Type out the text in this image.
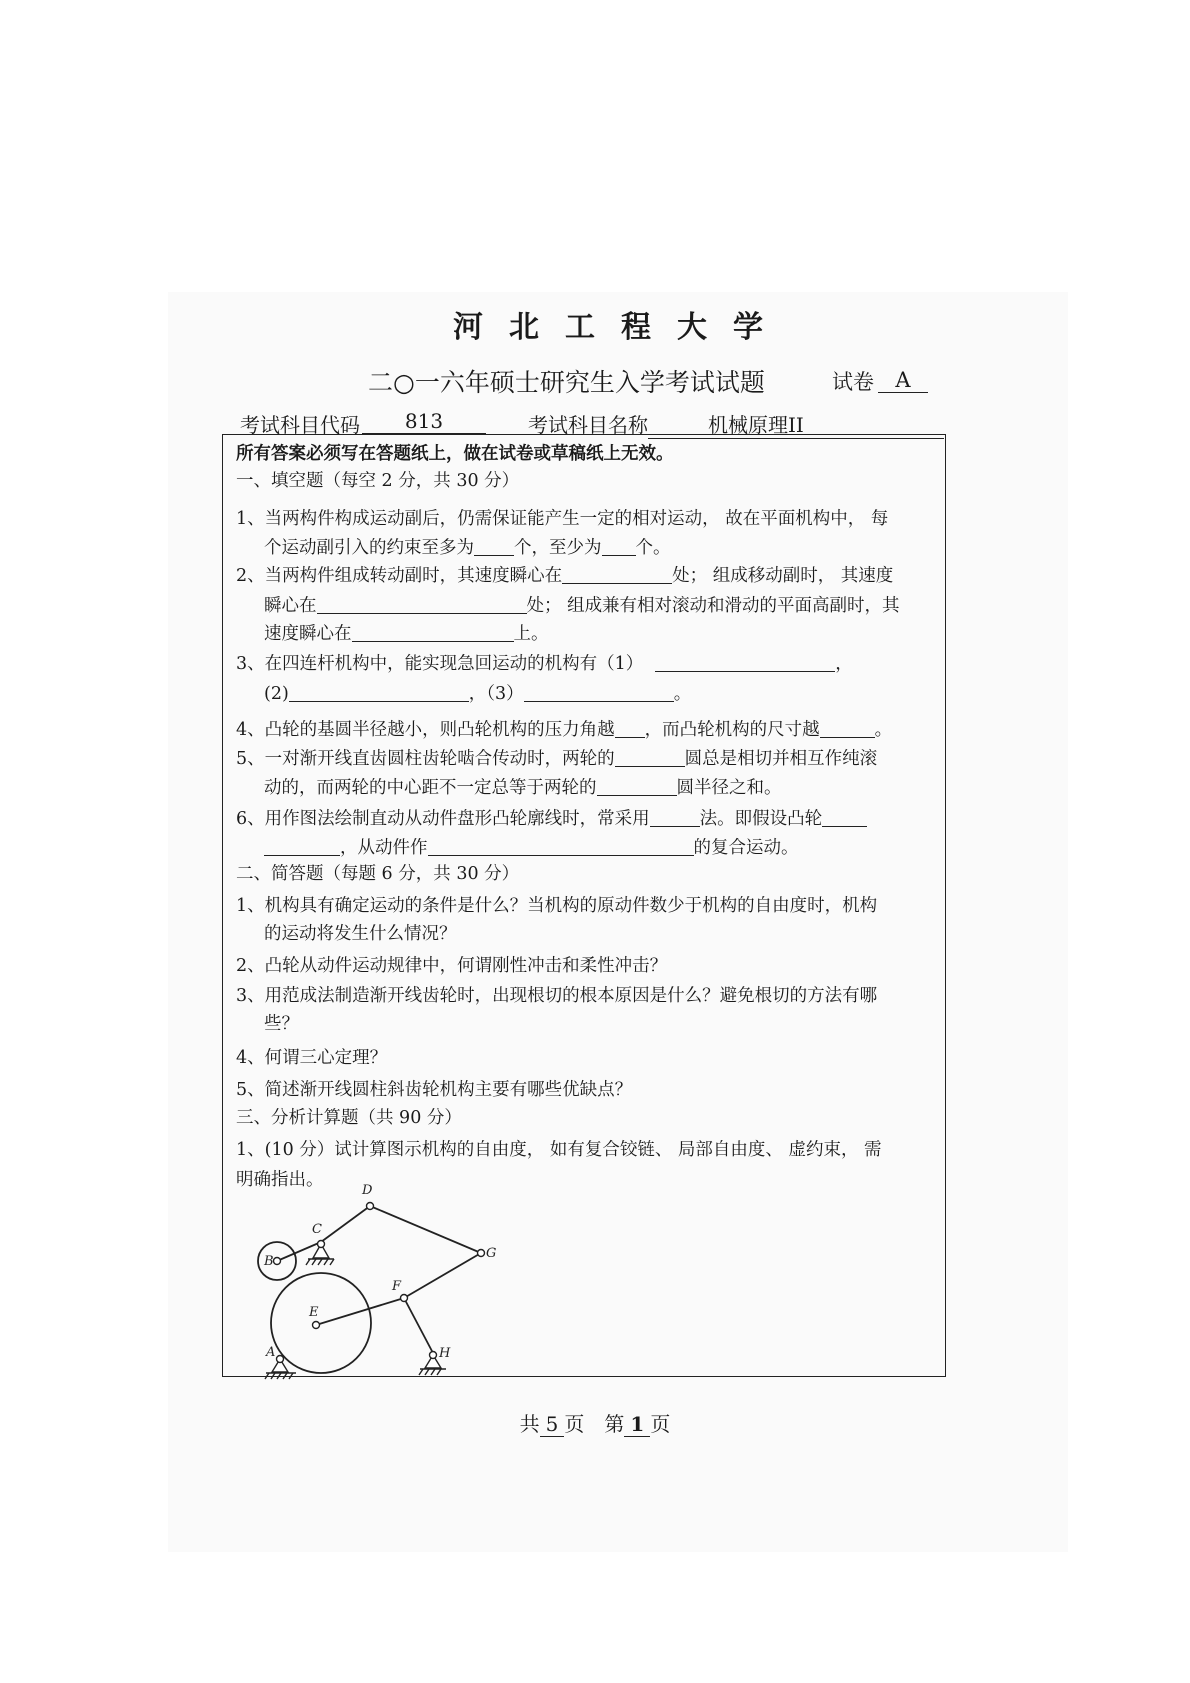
河北工程大学
二○一六年硕士研究生入学考试试题	试卷	A
考试科目代码	813	考试科目名称	机械原理II
所有答案必须写在答题纸上，做在试卷或草稿纸上无效。
一、填空题（每空 2 分，共 30 分）
1、当两构件构成运动副后，仍需保证能产生一定的相对运动， 故在平面机构中， 每
个运动副引入的约束至多为 个，至少为 个。
2、当两构件组成转动副时，其速度瞬心在	处； 组成移动副时， 其速度
瞬心在	处； 组成兼有相对滚动和滑动的平面高副时，其
速度瞬心在	上。
3、在四连杆机构中，能实现急回运动的机构有（1）	，
(2)	，（3）	。
4、凸轮的基圆半径越小，则凸轮机构的压力角越 ，而凸轮机构的尺寸越	。
5、一对渐开线直齿圆柱齿轮啮合传动时，两轮的	圆总是相切并相互作纯滚
动的，而两轮的中心距不一定总等于两轮的	圆半径之和。
6、用作图法绘制直动从动件盘形凸轮廓线时，常采用	法。即假设凸轮
，从动件作	的复合运动。
二、简答题（每题 6 分，共 30 分）
1、机构具有确定运动的条件是什么？当机构的原动件数少于机构的自由度时，机构
的运动将发生什么情况？
2、凸轮从动件运动规律中，何谓刚性冲击和柔性冲击？
3、用范成法制造渐开线齿轮时，出现根切的根本原因是什么？避免根切的方法有哪
些？
4、何谓三心定理？
5、简述渐开线圆柱斜齿轮机构主要有哪些优缺点？
三、分析计算题（共 90 分）
1、(10 分）试计算图示机构的自由度， 如有复合铰链、 局部自由度、 虚约束， 需
明确指出。
D
G
F
E
B
C
A	H
共 5 页　第 1 页
